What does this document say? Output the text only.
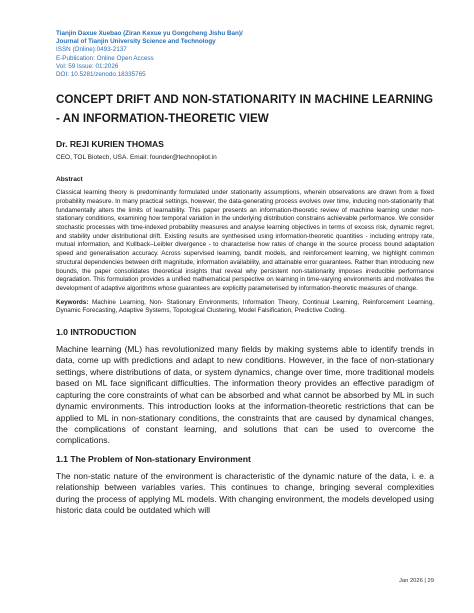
Tianjin Daxue Xuebao (Ziran Kexue yu Gongcheng Jishu Ban)/
Journal of Tianjin University Science and Technology
ISSN (Online):0493-2137
E-Publication: Online Open Access
Vol: 59 Issue: 01:2026
DOI: 10.5281/zenodo.18335765
CONCEPT DRIFT AND NON-STATIONARITY IN MACHINE LEARNING - AN INFORMATION-THEORETIC VIEW
Dr. REJI KURIEN THOMAS
CEO, TOL Biotech, USA. Email: founder@technopilot.in
Abstract
Classical learning theory is predominantly formulated under stationarity assumptions, wherein observations are drawn from a fixed probability measure. In many practical settings, however, the data-generating process evolves over time, inducing non-stationarity that fundamentally alters the limits of learnability. This paper presents an information-theoretic review of machine learning under non-stationary conditions, examining how temporal variation in the underlying distribution constrains achievable performance. We consider stochastic processes with time-indexed probability measures and analyse learning objectives in terms of excess risk, dynamic regret, and stability under distributional drift. Existing results are synthesised using information-theoretic quantities - including entropy rate, mutual information, and Kullback–Leibler divergence - to characterise how rates of change in the source process bound adaptation speed and generalisation accuracy. Across supervised learning, bandit models, and reinforcement learning, we highlight common structural dependencies between drift magnitude, information availability, and attainable error guarantees. Rather than introducing new bounds, the paper consolidates theoretical insights that reveal why persistent non-stationarity imposes irreducible performance degradation. This formulation provides a unified mathematical perspective on learning in time-varying environments and motivates the development of adaptive algorithms whose guarantees are explicitly parameterised by information-theoretic measures of change.
Keywords: Machine Learning, Non- Stationary Environments, Information Theory, Continual Learning, Reinforcement Learning, Dynamic Forecasting, Adaptive Systems, Topological Clustering, Model Falsification, Predictive Coding.
1.0 INTRODUCTION
Machine learning (ML) has revolutionized many fields by making systems able to identify trends in data, come up with predictions and adapt to new conditions. However, in the face of non-stationary settings, where distributions of data, or system dynamics, change over time, more traditional models based on ML face significant difficulties. The information theory provides an effective paradigm of capturing the core constraints of what can be absorbed and what cannot be absorbed by ML in such dynamic environments. This introduction looks at the information-theoretic restrictions that can be applied to ML in non-stationary conditions, the constraints that are caused by dynamical changes, the complications of constant learning, and solutions that can be used to overcome the complications.
1.1 The Problem of Non-stationary Environment
The non-static nature of the environment is characteristic of the dynamic nature of the data, i. e. a relationship between variables varies. This continues to change, bringing several complexities during the process of applying ML models. With changing environment, the models developed using historic data could be outdated which will
Jan 2026 | 29
